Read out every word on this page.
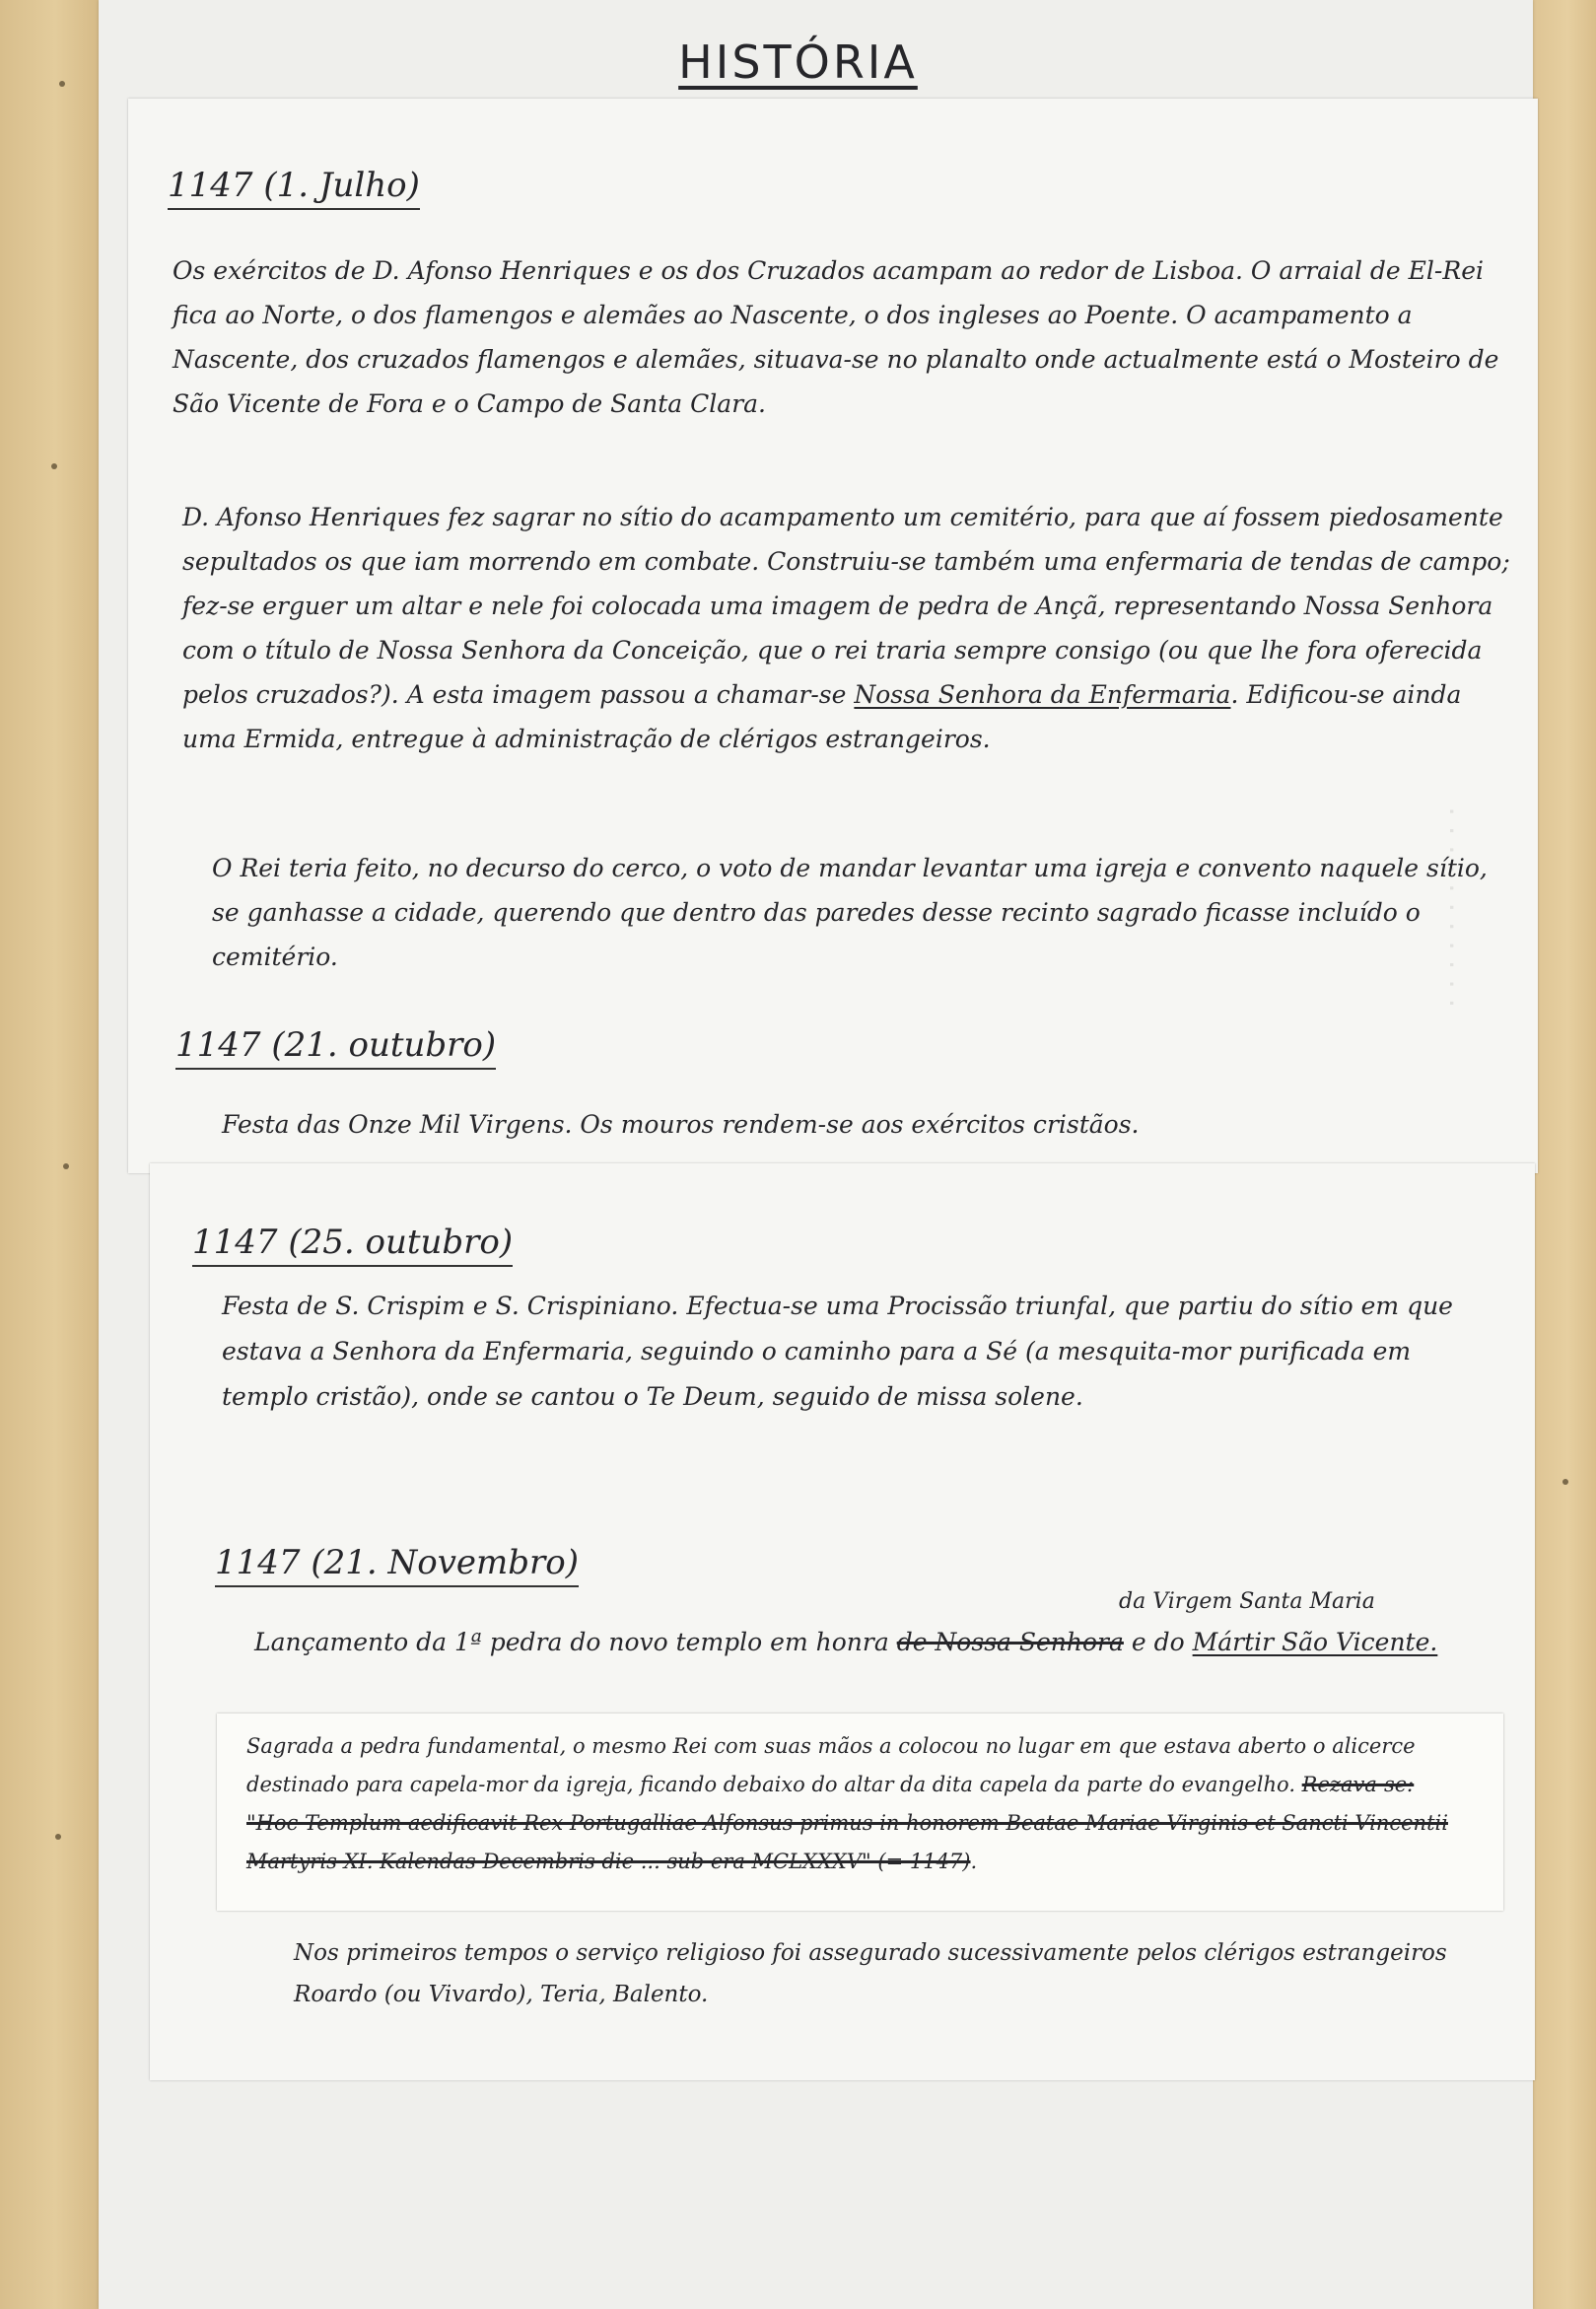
· · · · · · · · · · ·
HISTÓRIA
1147 (1. Julho)
Os exércitos de D. Afonso Henriques e os dos Cruzados acampam ao redor de Lisboa. O arraial de El-Rei fica ao Norte, o dos flamengos e alemães ao Nascente, o dos ingleses ao Poente. O acampamento a Nascente, dos cruzados flamengos e alemães, situava-se no planalto onde actualmente está o Mosteiro de São Vicente de Fora e o Campo de Santa Clara.
D. Afonso Henriques fez sagrar no sítio do acampamento um cemitério, para que aí fossem piedosamente sepultados os que iam morrendo em combate. Construiu-se também uma enfermaria de tendas de campo; fez-se erguer um altar e nele foi colocada uma imagem de pedra de Ançã, representando Nossa Senhora com o título de Nossa Senhora da Conceição, que o rei traria sempre consigo (ou que lhe fora oferecida pelos cruzados?). A esta imagem passou a chamar-se Nossa Senhora da Enfermaria. Edificou-se ainda uma Ermida, entregue à administração de clérigos estrangeiros.
O Rei teria feito, no decurso do cerco, o voto de mandar levantar uma igreja e convento naquele sítio, se ganhasse a cidade, querendo que dentro das paredes desse recinto sagrado ficasse incluído o cemitério.
1147 (21. outubro)
Festa das Onze Mil Virgens. Os mouros rendem-se aos exércitos cristãos.
1147 (25. outubro)
Festa de S. Crispim e S. Crispiniano. Efectua-se uma Procissão triunfal, que partiu do sítio em que estava a Senhora da Enfermaria, seguindo o caminho para a Sé (a mesquita-mor purificada em templo cristão), onde se cantou o Te Deum, seguido de missa solene.
1147 (21. Novembro)
da Virgem Santa Maria
Lançamento da 1ª pedra do novo templo em honra de Nossa Senhora e do Mártir São Vicente.
Sagrada a pedra fundamental, o mesmo Rei com suas mãos a colocou no lugar em que estava aberto o alicerce destinado para capela-mor da igreja, ficando debaixo do altar da dita capela da parte do evangelho. Rezava-se: "Hoc Templum aedificavit Rex Portugalliae Alfonsus primus in honorem Beatae Mariae Virginis et Sancti Vincentii Martyris XI. Kalendas Decembris die ... sub era MCLXXXV" (= 1147).
Nos primeiros tempos o serviço religioso foi assegurado sucessivamente pelos clérigos estrangeiros Roardo (ou Vivardo), Teria, Balento.
